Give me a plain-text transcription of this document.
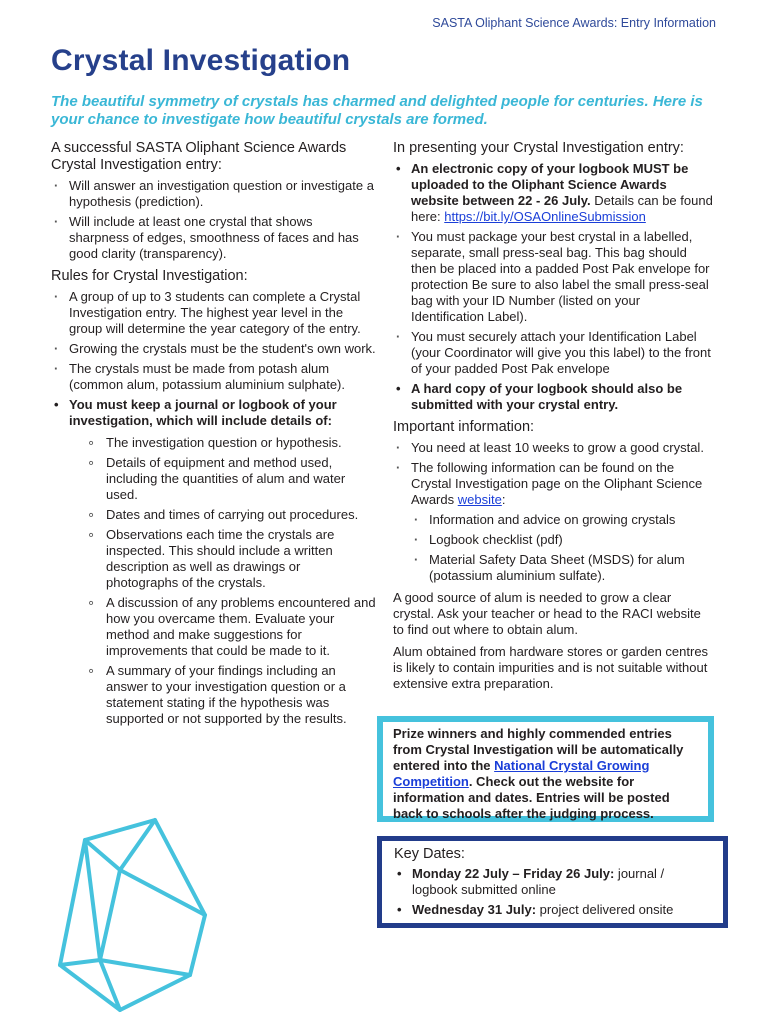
SASTA Oliphant Science Awards: Entry Information
Crystal Investigation

The beautiful symmetry of crystals has charmed and delighted people for centuries. Here is your chance to investigate how beautiful crystals are formed.

A successful SASTA Oliphant Science Awards Crystal Investigation entry:
· Will answer an investigation question or investigate a hypothesis (prediction).
· Will include at least one crystal that shows sharpness of edges, smoothness of faces and has good clarity (transparency).
Rules for Crystal Investigation:
· A group of up to 3 students can complete a Crystal Investigation entry. The highest year level in the group will determine the year category of the entry.
· Growing the crystals must be the student's own work.
· The crystals must be made from potash alum (common alum, potassium aluminium sulphate).
• You must keep a journal or logbook of your investigation, which will include details of:
∘ The investigation question or hypothesis.
∘ Details of equipment and method used, including the quantities of alum and water used.
∘ Dates and times of carrying out procedures.
∘ Observations each time the crystals are inspected. This should include a written description as well as drawings or photographs of the crystals.
∘ A discussion of any problems encountered and how you overcame them. Evaluate your method and make suggestions for improvements that could be made to it.
∘ A summary of your findings including an answer to your investigation question or a statement stating if the hypothesis was supported or not supported by the results.
In presenting your Crystal Investigation entry:
• An electronic copy of your logbook MUST be uploaded to the Oliphant Science Awards website between 22 - 26 July. Details can be found here: https://bit.ly/OSAOnlineSubmission
· You must package your best crystal in a labelled, separate, small press-seal bag. This bag should then be placed into a padded Post Pak envelope for protection Be sure to also label the small press-seal bag with your ID Number (listed on your Identification Label).
· You must securely attach your Identification Label (your Coordinator will give you this label) to the front of your padded Post Pak envelope
• A hard copy of your logbook should also be submitted with your crystal entry.
Important information:
· You need at least 10 weeks to grow a good crystal.
· The following information can be found on the Crystal Investigation page on the Oliphant Science Awards website:
· Information and advice on growing crystals
· Logbook checklist (pdf)
· Material Safety Data Sheet (MSDS) for alum (potassium aluminium sulfate).

A good source of alum is needed to grow a clear crystal. Ask your teacher or head to the RACI website to find out where to obtain alum.

Alum obtained from hardware stores or garden centres is likely to contain impurities and is not suitable without extensive extra preparation.

Prize winners and highly commended entries from Crystal Investigation will be automatically entered into the National Crystal Growing Competition. Check out the website for information and dates. Entries will be posted back to schools after the judging process.
Key Dates:
• Monday 22 July – Friday 26 July: journal / logbook submitted online
• Wednesday 31 July: project delivered onsite
